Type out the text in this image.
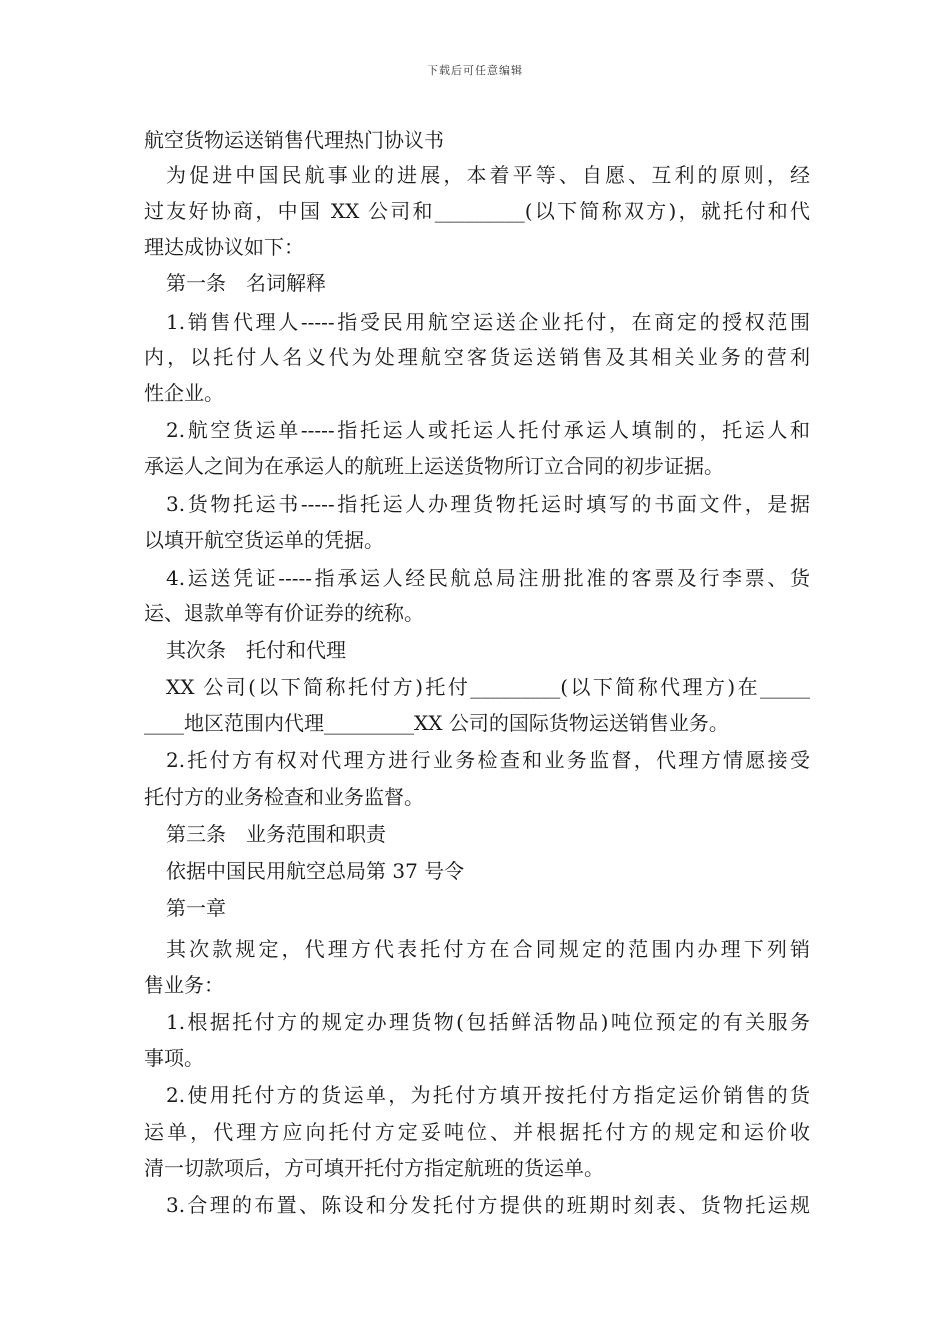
下载后可任意编辑
航空货物运送销售代理热门协议书
为促进中国民航事业的进展，本着平等、自愿、互利的原则，经
过友好协商，中国 XX 公司和_________(以下简称双方)，就托付和代
理达成协议如下：
第一条　名词解释
1.销售代理人-----指受民用航空运送企业托付，在商定的授权范围
内，以托付人名义代为处理航空客货运送销售及其相关业务的营利
性企业。
2.航空货运单-----指托运人或托运人托付承运人填制的，托运人和
承运人之间为在承运人的航班上运送货物所订立合同的初步证据。
3.货物托运书-----指托运人办理货物托运时填写的书面文件，是据
以填开航空货运单的凭据。
4.运送凭证-----指承运人经民航总局注册批准的客票及行李票、货
运、退款单等有价证券的统称。
其次条　托付和代理
XX 公司(以下简称托付方)托付_________(以下简称代理方)在_____
____地区范围内代理_________XX 公司的国际货物运送销售业务。
2.托付方有权对代理方进行业务检查和业务监督，代理方情愿接受
托付方的业务检查和业务监督。
第三条　业务范围和职责
依据中国民用航空总局第 37 号令
第一章
其次款规定，代理方代表托付方在合同规定的范围内办理下列销
售业务：
1.根据托付方的规定办理货物(包括鲜活物品)吨位预定的有关服务
事项。
2.使用托付方的货运单，为托付方填开按托付方指定运价销售的货
运单，代理方应向托付方定妥吨位、并根据托付方的规定和运价收
清一切款项后，方可填开托付方指定航班的货运单。
3.合理的布置、陈设和分发托付方提供的班期时刻表、货物托运规
